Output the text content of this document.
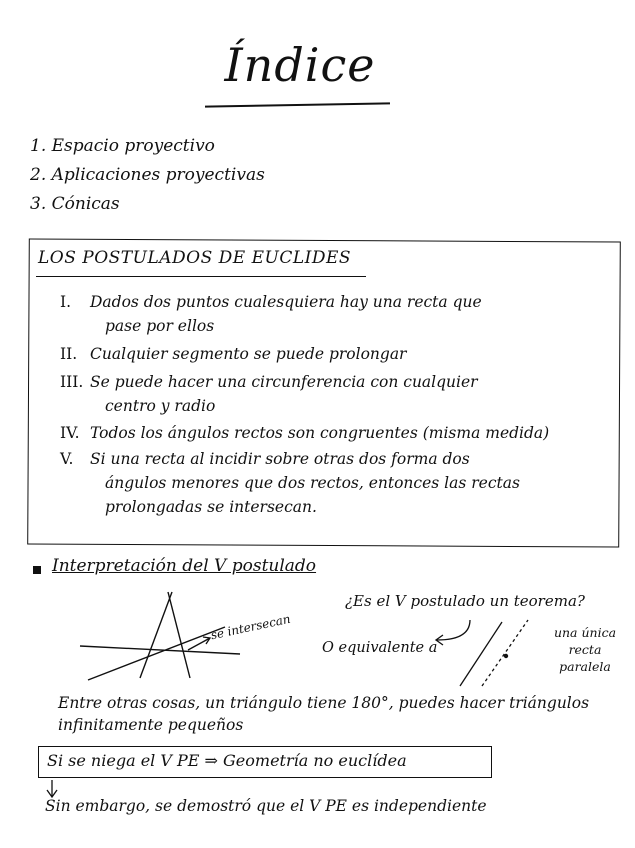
Índice
1. Espacio proyectivo
2. Aplicaciones proyectivas
3. Cónicas
LOS POSTULADOS DE EUCLIDES
I. Dados dos puntos cualesquiera hay una recta que
pase por ellos
II. Cualquier segmento se puede prolongar
III. Se puede hacer una circunferencia con cualquier
centro y radio
IV. Todos los ángulos rectos son congruentes (misma medida)
V. Si una recta al incidir sobre otras dos forma dos
ángulos menores que dos rectos, entonces las rectas
prolongadas se intersecan.
Interpretación del V postulado
se intersecan
¿Es el V postulado un teorema?
O equivalente a
una única
recta
paralela
Entre otras cosas, un triángulo tiene 180°, puedes hacer triángulos infinitamente pequeños
Si se niega el V PE ⇒ Geometría no euclídea
Sin embargo, se demostró que el V PE es independiente
